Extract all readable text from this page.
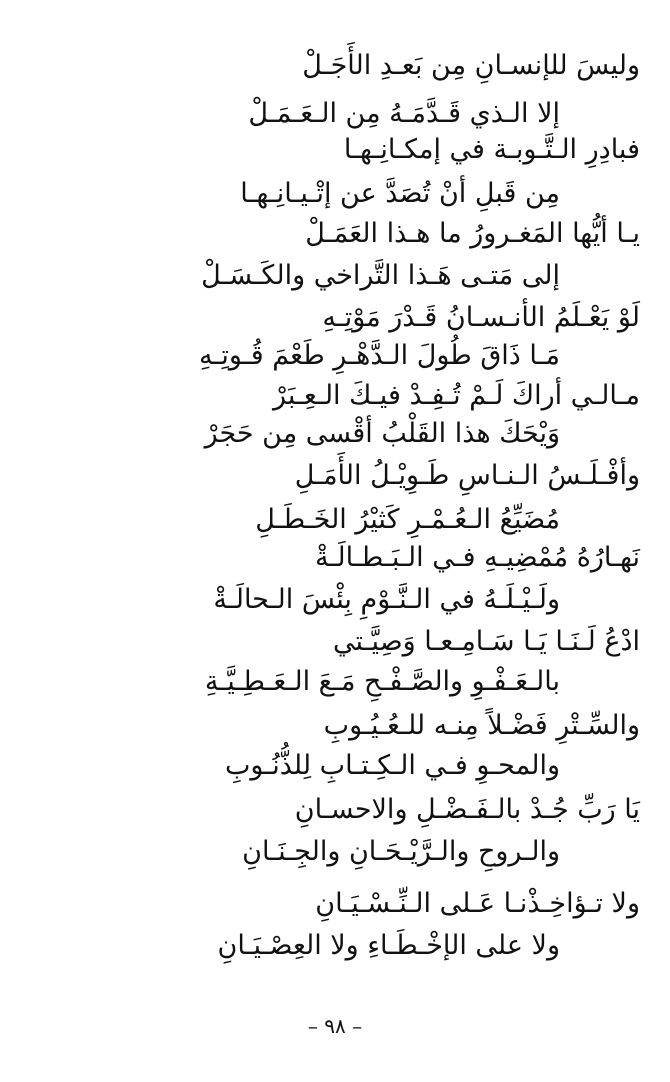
وليسَ للإنسـانِ مِن بَعـدِ الأَجَـلْ
إلا الـذي قَـدَّمَـهُ مِن الـعَـمَـلْ
فبادِرِ الـتَّـوبـة في إمكـانِـهـا
مِن قَبلِ أنْ تُصَدَّ عن إتْـيـانِـهـا
يـا أيُّها المَغـرورُ ما هـذا العَمَـلْ
إلى مَتـى هَـذا التَّراخي والكَـسَـلْ
لَوْ يَعْـلَمُ الأنـسـانُ قَـدْرَ مَوْتِـهِ
مَـا ذَاقَ طُولَ الـدَّهْـرِ طَعْمَ قُـوتِـهِ
مـالـي أراكَ لَـمْ تُـفِـدْ فيـكَ الـعِـبَرْ
وَيْحَكَ هذا القَلْبُ أقْسى مِن حَجَرْ
وأفْـلَـسُ الـنـاسِ طَـوِيْـلُ الأَمَـلِ
مُضَيِّعُ الـعُـمْـرِ كَثيْرُ الخَـطَـلِ
نَهـارُهُ مُمْضِيـهِ فـي الـبَـطـالَـةْ
ولَـيْـلَـهُ في الـنَّـوْمِ بِئْسَ الـحالَـةْ
ادْعُ لَـنَـا يَـا سَـامِـعـا وَصِيَّـتي
بالـعَـفْـوِ والصَّـفْـحِ مَـعَ الـعَـطِـيَّـةِ
والسِّـتْرِ فَضْـلاً مِنـه للـعُـيُـوبِ
والمحـوِ فـي الـكِـتـابِ لِلذُّنُـوبِ
يَا رَبِّ جُـدْ بالـفَـضْـلِ والاحسـانِ
والـروحِ والـرَّيْـحَـانِ والجِـنَـانِ
ولا تـؤاخِـذْنـا عَـلى الـنِّـسْـيَـانِ
ولا على الإخْـطَـاءِ ولا العِصْـيَـانِ
– ٩٨ –
